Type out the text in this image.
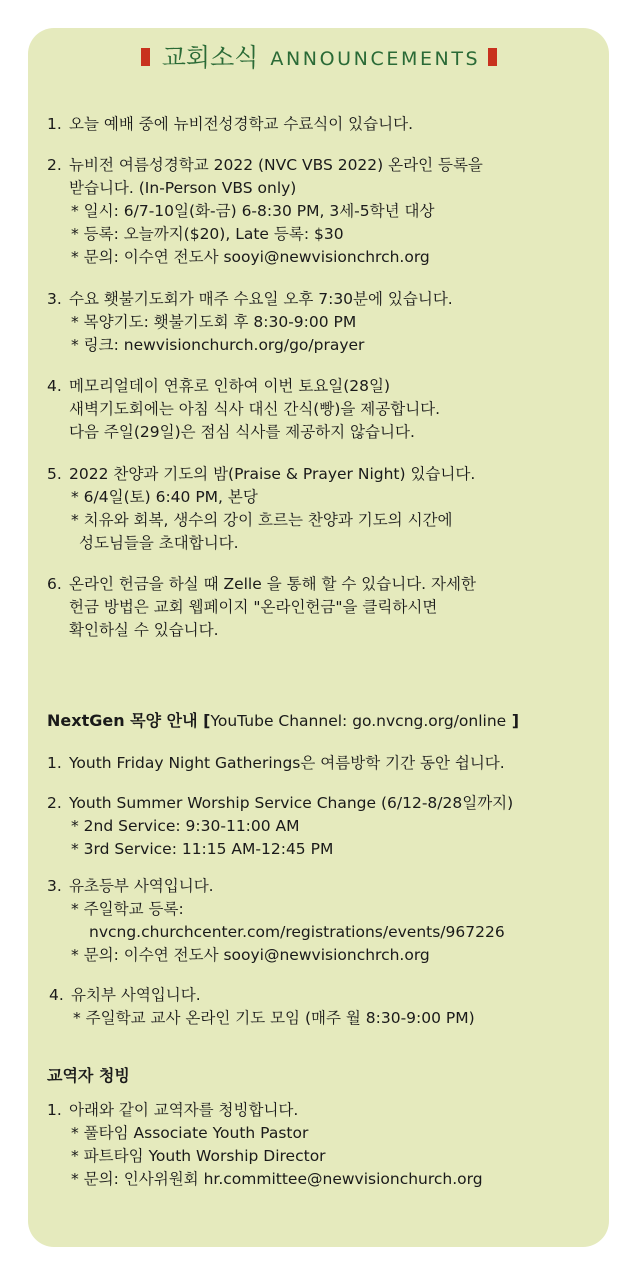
교회소식 ANNOUNCEMENTS
1. 오늘 예배 중에 뉴비전성경학교 수료식이 있습니다.
2. 뉴비전 여름성경학교 2022 (NVC VBS 2022) 온라인 등록을
받습니다. (In-Person VBS only)
* 일시: 6/7-10일(화-금) 6-8:30 PM, 3세-5학년 대상
* 등록: 오늘까지($20), Late 등록: $30
* 문의: 이수연 전도사 sooyi@newvisionchrch.org
3. 수요 횃불기도회가 매주 수요일 오후 7:30분에 있습니다.
* 목양기도: 횃불기도회 후 8:30-9:00 PM
* 링크: newvisionchurch.org/go/prayer
4. 메모리얼데이 연휴로 인하여 이번 토요일(28일)
새벽기도회에는 아침 식사 대신 간식(빵)을 제공합니다.
다음 주일(29일)은 점심 식사를 제공하지 않습니다.
5. 2022 찬양과 기도의 밤(Praise & Prayer Night) 있습니다.
* 6/4일(토) 6:40 PM, 본당
* 치유와 회복, 생수의 강이 흐르는 찬양과 기도의 시간에
성도님들을 초대합니다.
6. 온라인 헌금을 하실 때 Zelle 을 통해 할 수 있습니다. 자세한
헌금 방법은 교회 웹페이지 "온라인헌금"을 클릭하시면
확인하실 수 있습니다.
NextGen 목양 안내 [YouTube Channel: go.nvcng.org/online ]
1. Youth Friday Night Gatherings은 여름방학 기간 동안 쉽니다.
2. Youth Summer Worship Service Change (6/12-8/28일까지)
* 2nd Service: 9:30-11:00 AM
* 3rd Service: 11:15 AM-12:45 PM
3. 유초등부 사역입니다.
* 주일학교 등록:
nvcng.churchcenter.com/registrations/events/967226
* 문의: 이수연 전도사 sooyi@newvisionchrch.org
4. 유치부 사역입니다.
* 주일학교 교사 온라인 기도 모임 (매주 월 8:30-9:00 PM)
교역자 청빙
1. 아래와 같이 교역자를 청빙합니다.
* 풀타임 Associate Youth Pastor
* 파트타임 Youth Worship Director
* 문의: 인사위원회 hr.committee@newvisionchurch.org
